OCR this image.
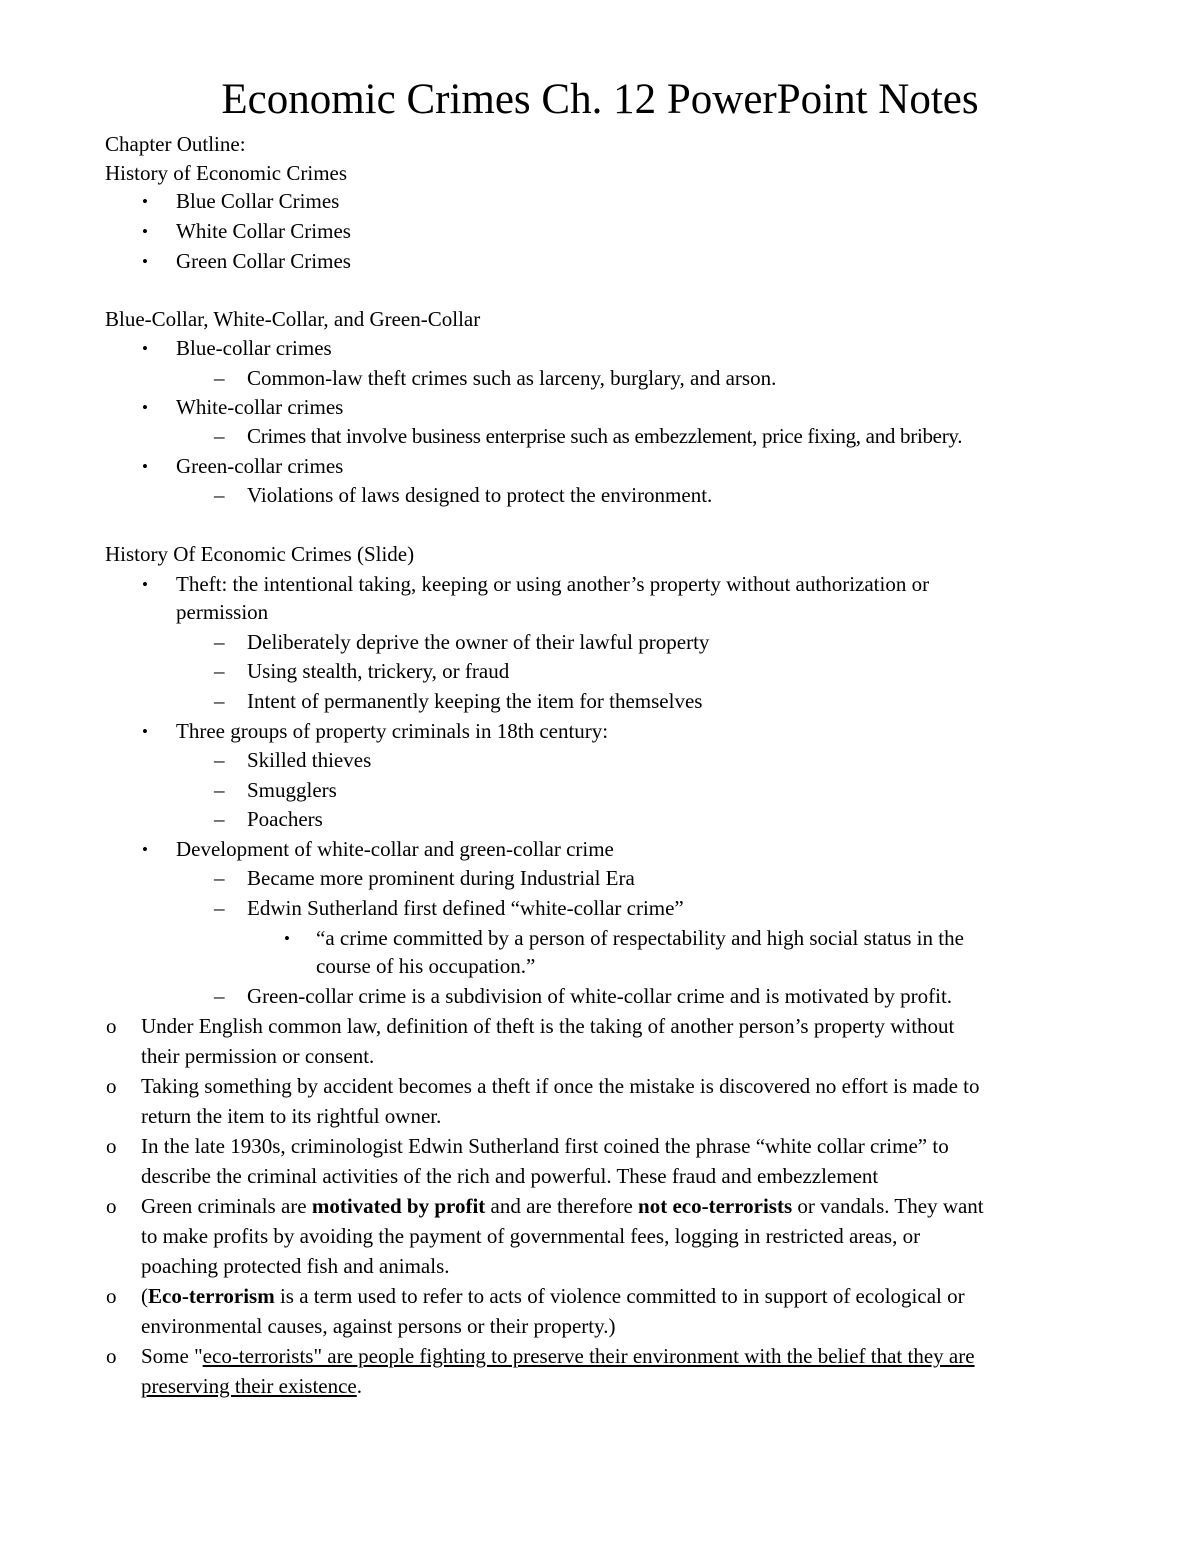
Economic Crimes Ch. 12 PowerPoint Notes
Chapter Outline:
History of Economic Crimes
• Blue Collar Crimes
• White Collar Crimes
• Green Collar Crimes
Blue-Collar, White-Collar, and Green-Collar
• Blue-collar crimes
– Common-law theft crimes such as larceny, burglary, and arson.
• White-collar crimes
– Crimes that involve business enterprise such as embezzlement, price fixing, and bribery.
• Green-collar crimes
– Violations of laws designed to protect the environment.
History Of Economic Crimes (Slide)
• Theft: the intentional taking, keeping or using another’s property without authorization or
permission
– Deliberately deprive the owner of their lawful property
– Using stealth, trickery, or fraud
– Intent of permanently keeping the item for themselves
• Three groups of property criminals in 18th century:
– Skilled thieves
– Smugglers
– Poachers
• Development of white-collar and green-collar crime
– Became more prominent during Industrial Era
– Edwin Sutherland first defined “white-collar crime”
• “a crime committed by a person of respectability and high social status in the
course of his occupation.”
– Green-collar crime is a subdivision of white-collar crime and is motivated by profit.
o Under English common law, definition of theft is the taking of another person’s property without
their permission or consent.
o Taking something by accident becomes a theft if once the mistake is discovered no effort is made to
return the item to its rightful owner.
o In the late 1930s, criminologist Edwin Sutherland first coined the phrase “white collar crime” to
describe the criminal activities of the rich and powerful. These fraud and embezzlement
o Green criminals are motivated by profit and are therefore not eco-terrorists or vandals. They want
to make profits by avoiding the payment of governmental fees, logging in restricted areas, or
poaching protected fish and animals.
o (Eco-terrorism is a term used to refer to acts of violence committed to in support of ecological or
environmental causes, against persons or their property.)
o Some "eco-terrorists" are people fighting to preserve their environment with the belief that they are
preserving their existence.
